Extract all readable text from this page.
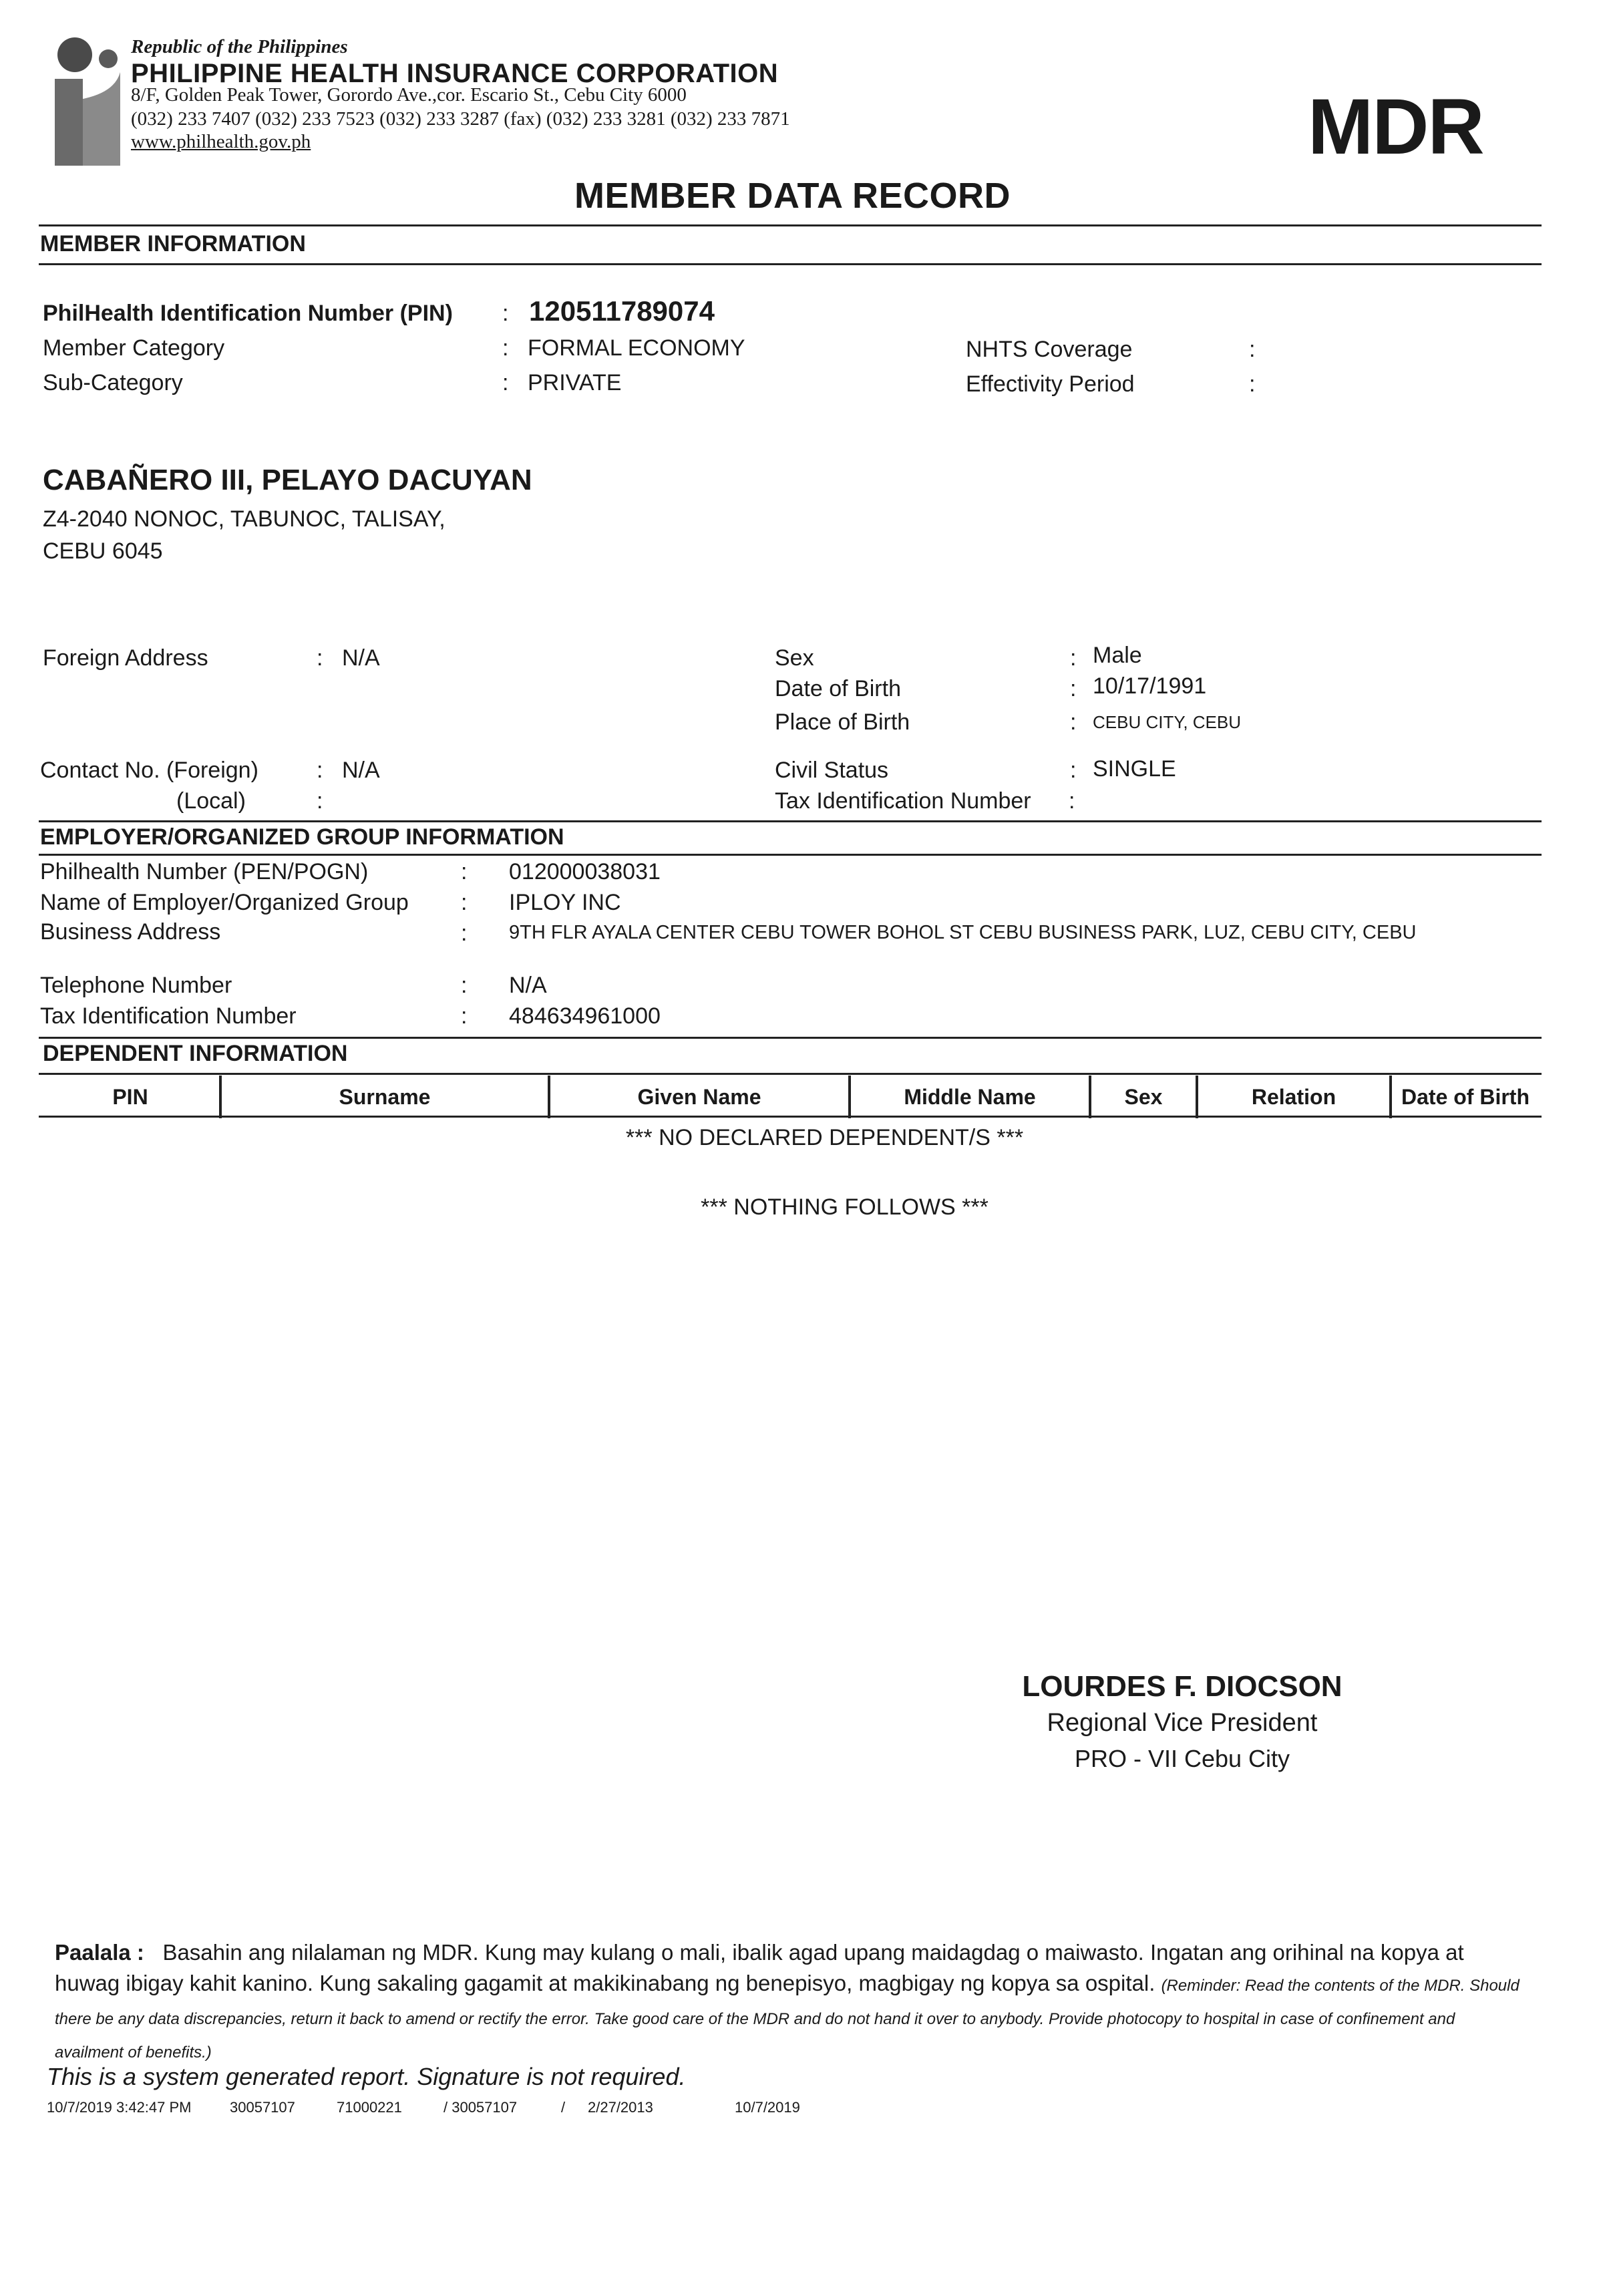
Republic of the Philippines
PHILIPPINE HEALTH INSURANCE CORPORATION
8/F, Golden Peak Tower, Gorordo Ave.,cor. Escario St., Cebu City 6000
(032) 233 7407 (032) 233 7523 (032) 233 3287 (fax) (032) 233 3281 (032) 233 7871
www.philhealth.gov.ph	MDR
MEMBER DATA RECORD
MEMBER INFORMATION
PhilHealth Identification Number (PIN) : 120511789074
Member Category	: FORMAL ECONOMY
Sub-Category	: PRIVATE
NHTS Coverage	:
Effectivity Period	:
CABAÑERO III, PELAYO DACUYAN
Z4-2040 NONOC, TABUNOC, TALISAY,
CEBU 6045
Foreign Address	: N/A	Sex	: Male
Date of Birth	: 10/17/1991
Place of Birth	: CEBU CITY, CEBU
Contact No. (Foreign)	: N/A
(Local)	:
Civil Status	: SINGLE
Tax Identification Number :
EMPLOYER/ORGANIZED GROUP INFORMATION
Philhealth Number (PEN/POGN)	: 012000038031
Name of Employer/Organized Group : IPLOY INC
Business Address	: 9TH FLR AYALA CENTER CEBU TOWER BOHOL ST CEBU BUSINESS PARK, LUZ, CEBU CITY, CEBU
Telephone Number	: N/A
Tax Identification Number	: 484634961000
DEPENDENT INFORMATION
PIN	Surname	Given Name	Middle Name	Sex	Relation	Date of Birth
*** NO DECLARED DEPENDENT/S ***
*** NOTHING FOLLOWS ***
LOURDES F. DIOCSON
Regional Vice President
PRO - VII Cebu City
Paalala : Basahin ang nilalaman ng MDR. Kung may kulang o mali, ibalik agad upang maidagdag o maiwasto. Ingatan ang orihinal na kopya at huwag ibigay kahit kanino. Kung sakaling gagamit at makikinabang ng benepisyo, magbigay ng kopya sa ospital. (Reminder: Read the contents of the MDR. Should there be any data discrepancies, return it back to amend or rectify the error. Take good care of the MDR and do not hand it over to anybody. Provide photocopy to hospital in case of confinement and availment of benefits.)
This is a system generated report. Signature is not required.
10/7/2019 3:42:47 PM	30057107	71000221	/ 30057107	/ 2/27/2013	10/7/2019
